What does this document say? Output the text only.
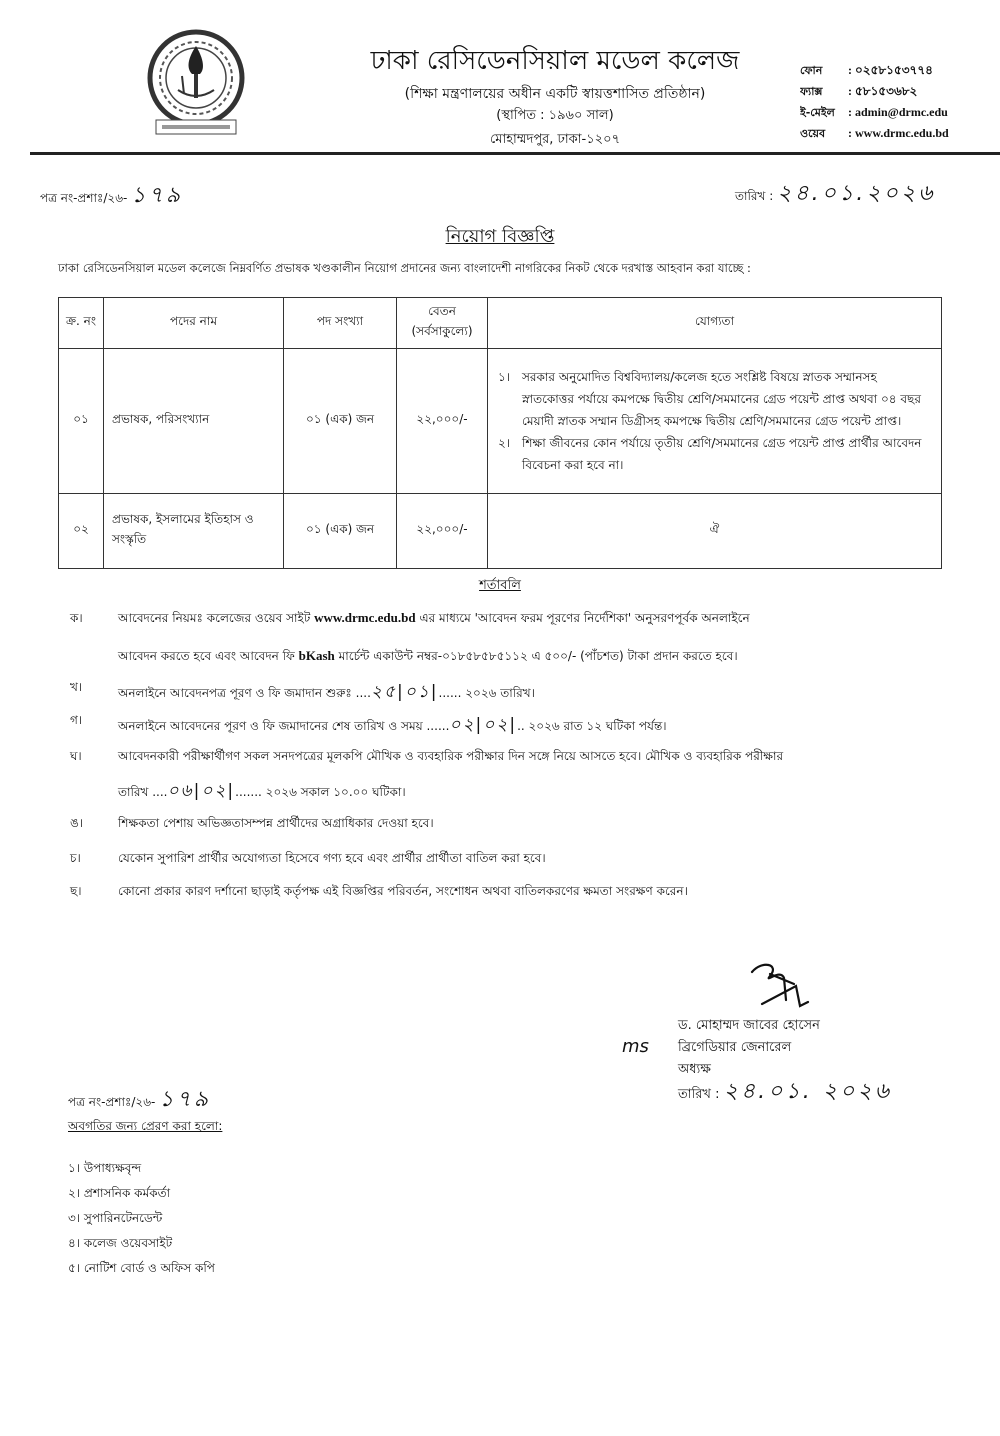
ঢাকা রেসিডেনসিয়াল মডেল কলেজ
(শিক্ষা মন্ত্রণালয়ের অধীন একটি স্বায়ত্তশাসিত প্রতিষ্ঠান)
(স্থাপিত : ১৯৬০ সাল)
মোহাম্মদপুর, ঢাকা-১২০৭
ফোন	: ০২৫৮১৫৩৭৭৪
ফ্যাক্স	: ৫৮১৫৩৬৮২
ই-মেইল	: admin@drmc.edu
ওয়েব	: www.drmc.edu.bd
পত্র নং-প্রশাঃ/২৬- ১৭৯	তারিখ : ২৪.০১.২০২৬
নিয়োগ বিজ্ঞপ্তি
ঢাকা রেসিডেনসিয়াল মডেল কলেজে নিম্নবর্ণিত প্রভাষক খণ্ডকালীন নিয়োগ প্রদানের জন্য বাংলাদেশী নাগরিকের নিকট থেকে দরখাস্ত আহবান করা যাচ্ছে :
ক্র. নং	পদের নাম	পদ সংখ্যা	বেতন (সর্বসাকুল্যে)	যোগ্যতা
০১	প্রভাষক, পরিসংখ্যান	০১ (এক) জন	২২,০০০/-	১। সরকার অনুমোদিত বিশ্ববিদ্যালয়/কলেজ হতে সংশ্লিষ্ট বিষয়ে স্নাতক সম্মানসহ স্নাতকোত্তর পর্যায়ে কমপক্ষে দ্বিতীয় শ্রেণি/সমমানের গ্রেড পয়েন্ট প্রাপ্ত অথবা ০৪ বছর মেয়াদী স্নাতক সম্মান ডিগ্রীসহ কমপক্ষে দ্বিতীয় শ্রেণি/সমমানের গ্রেড পয়েন্ট প্রাপ্ত।
২। শিক্ষা জীবনের কোন পর্যায়ে তৃতীয় শ্রেণি/সমমানের গ্রেড পয়েন্ট প্রাপ্ত প্রার্থীর আবেদন বিবেচনা করা হবে না।

০২	প্রভাষক, ইসলামের ইতিহাস ও সংস্কৃতি	০১ (এক) জন	২২,০০০/-	ঐ
শর্তাবলি
ক।	আবেদনের নিয়মঃ কলেজের ওয়েব সাইট www.drmc.edu.bd এর মাধ্যমে 'আবেদন ফরম পূরণের নির্দেশিকা' অনুসরণপূর্বক অনলাইনে
আবেদন করতে হবে এবং আবেদন ফি bKash মার্চেন্ট একাউন্ট নম্বর-০১৮৫৮৫৮৫১১২ এ ৫০০/- (পাঁচশত) টাকা প্রদান করতে হবে।
খ।	অনলাইনে আবেদনপত্র পূরণ ও ফি জমাদান শুরুঃ ....২৫|০১|...... ২০২৬ তারিখ।
গ।	অনলাইনে আবেদনের পূরণ ও ফি জমাদানের শেষ তারিখ ও সময় ......০২|০২|.. ২০২৬ রাত ১২ ঘটিকা পর্যন্ত।
ঘ।	আবেদনকারী পরীক্ষার্থীগণ সকল সনদপত্রের মূলকপি মৌখিক ও ব্যবহারিক পরীক্ষার দিন সঙ্গে নিয়ে আসতে হবে। মৌখিক ও ব্যবহারিক পরীক্ষার
তারিখ ....০৬|০২|....... ২০২৬ সকাল ১০.০০ ঘটিকা।
ঙ।	শিক্ষকতা পেশায় অভিজ্ঞতাসম্পন্ন প্রার্থীদের অগ্রাধিকার দেওয়া হবে।
চ।	যেকোন সুপারিশ প্রার্থীর অযোগ্যতা হিসেবে গণ্য হবে এবং প্রার্থীর প্রার্থীতা বাতিল করা হবে।
ছ।	কোনো প্রকার কারণ দর্শানো ছাড়াই কর্তৃপক্ষ এই বিজ্ঞপ্তির পরিবর্তন, সংশোধন অথবা বাতিলকরণের ক্ষমতা সংরক্ষণ করেন।
ms
ড. মোহাম্মদ জাবের হোসেন
ব্রিগেডিয়ার জেনারেল
অধ্যক্ষ
তারিখ : ২৪.০১. ২০২৬
পত্র নং-প্রশাঃ/২৬- ১৭৯
অবগতির জন্য প্রেরণ করা হলো:
১। উপাধ্যক্ষবৃন্দ
২। প্রশাসনিক কর্মকর্তা
৩। সুপারিনটেনডেন্ট
৪। কলেজ ওয়েবসাইট
৫। নোটিশ বোর্ড ও অফিস কপি
